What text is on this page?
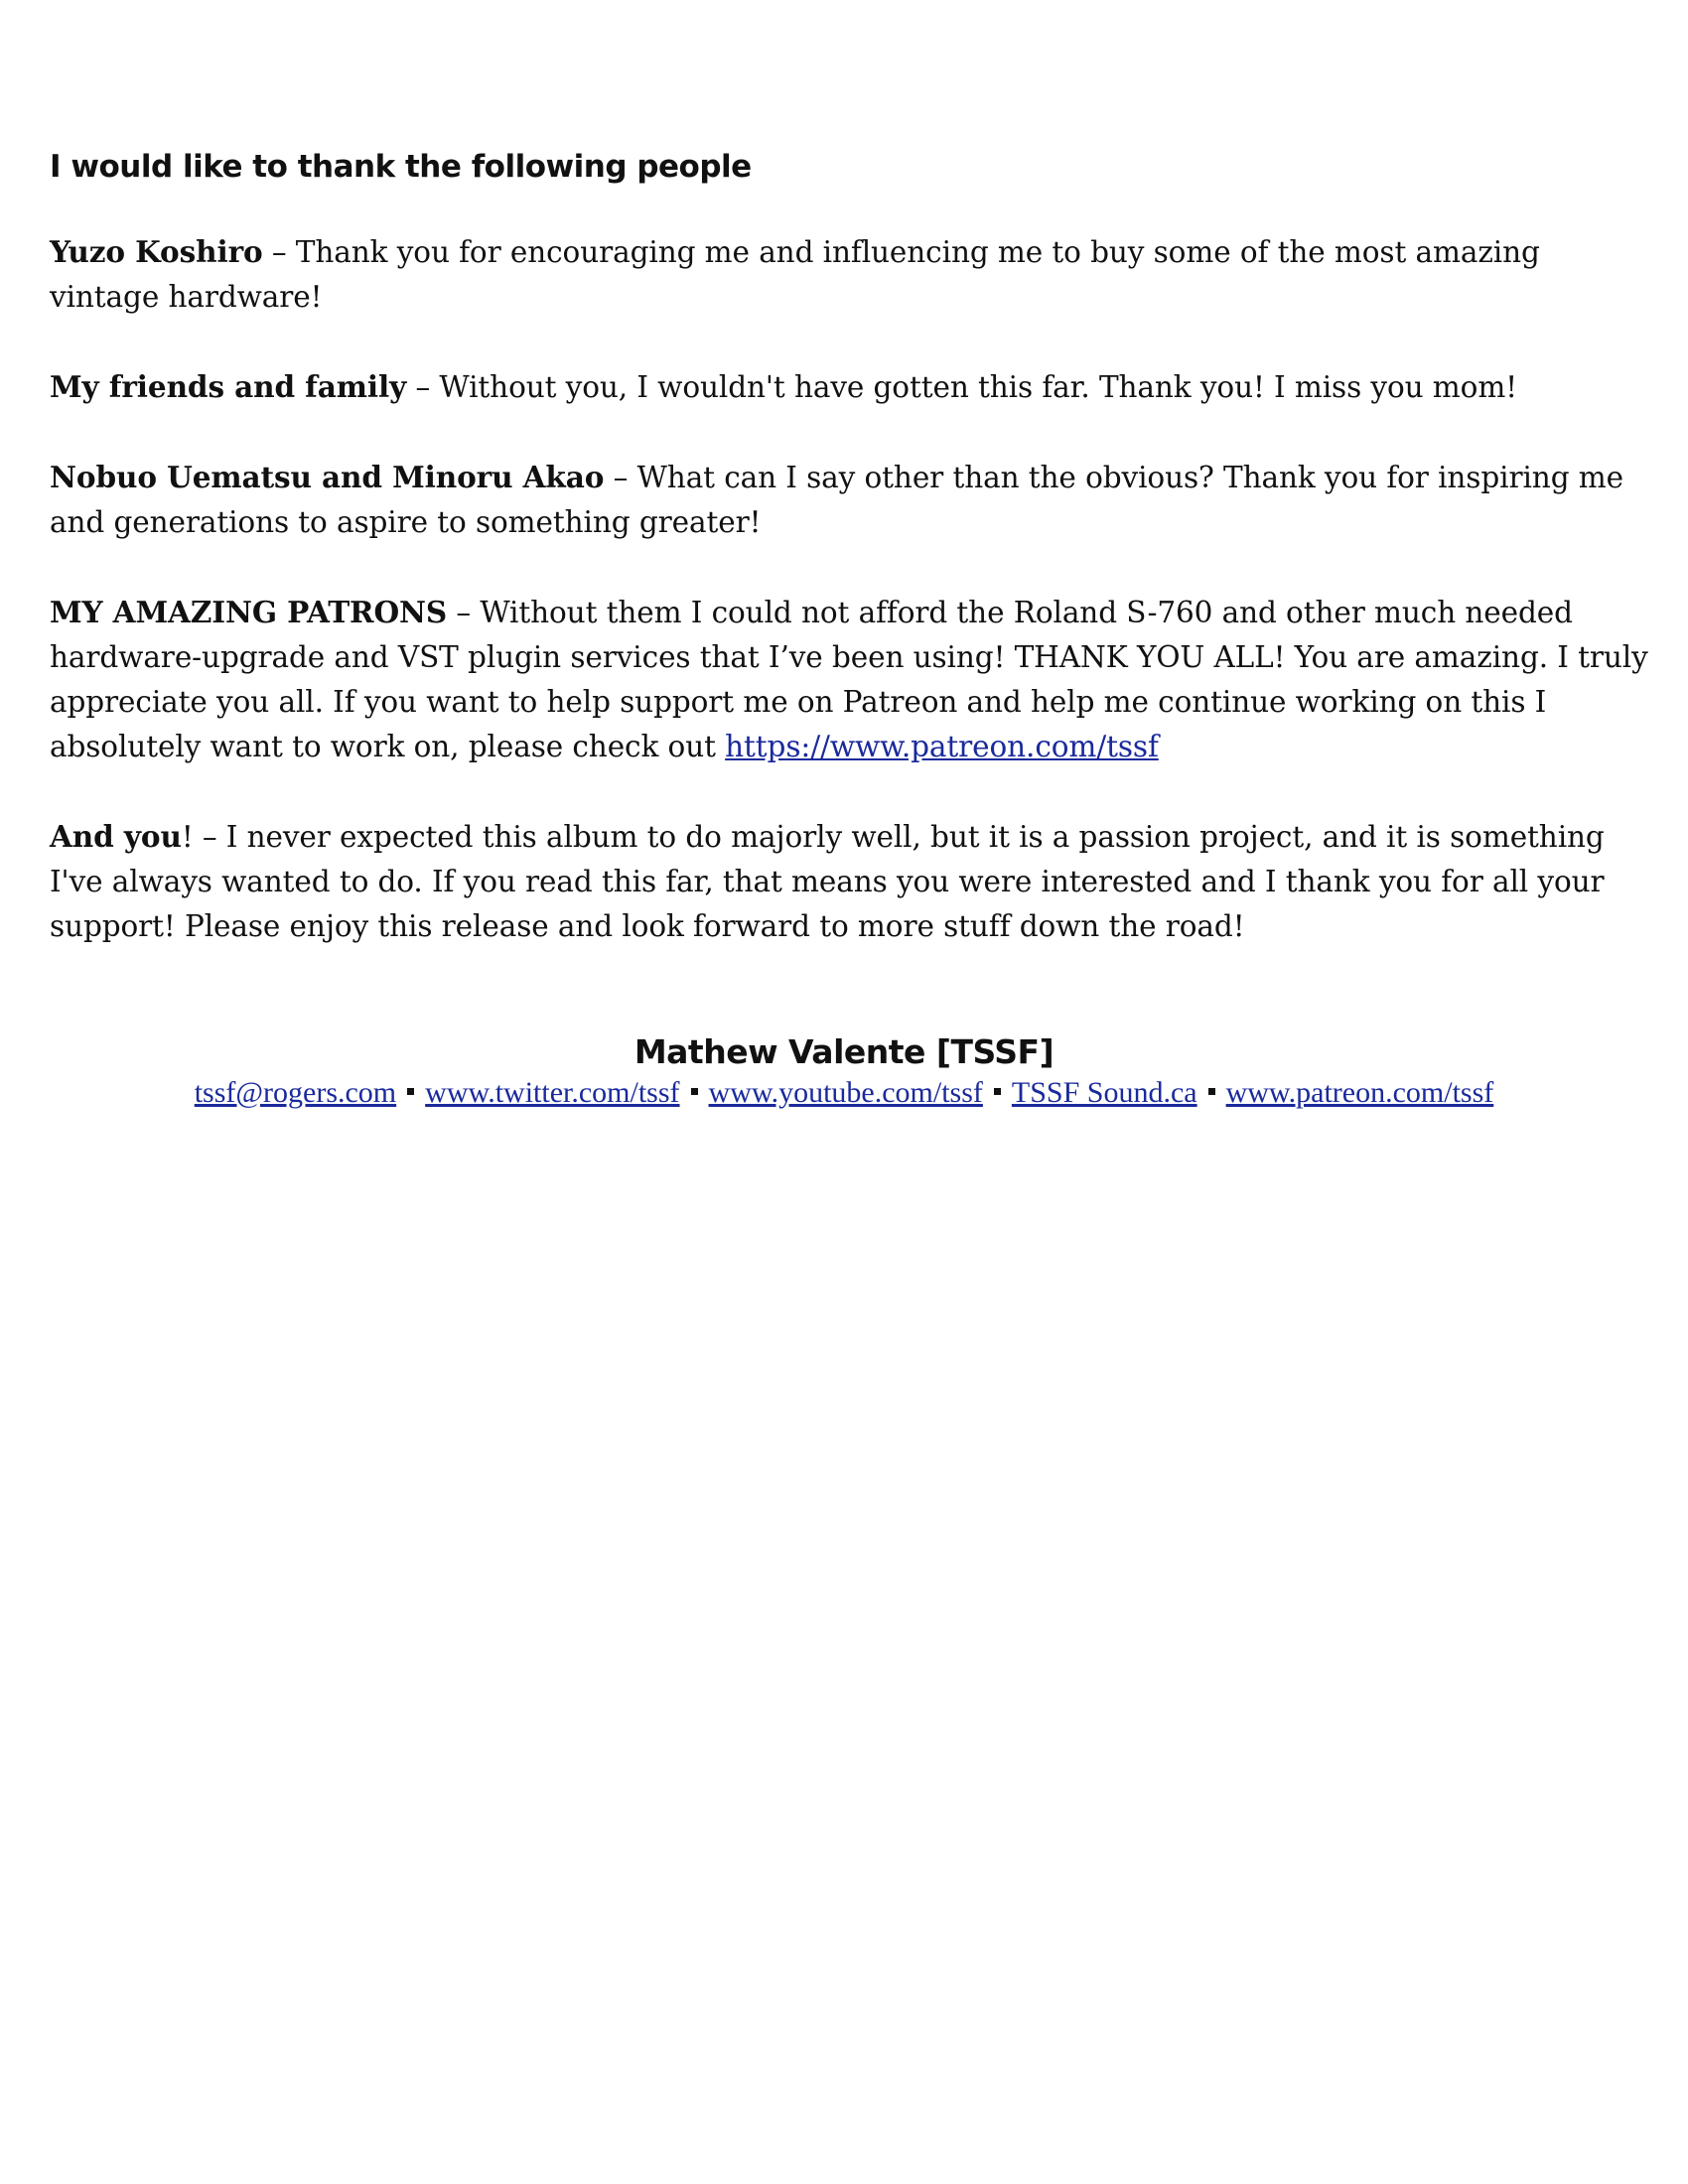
I would like to thank the following people

Yuzo Koshiro – Thank you for encouraging me and influencing me to buy some of the most amazing vintage hardware!

My friends and family – Without you, I wouldn't have gotten this far. Thank you! I miss you mom!

Nobuo Uematsu and Minoru Akao – What can I say other than the obvious? Thank you for inspiring me and generations to aspire to something greater!

MY AMAZING PATRONS – Without them I could not afford the Roland S-760 and other much needed hardware-upgrade and VST plugin services that I’ve been using! THANK YOU ALL! You are amazing. I truly appreciate you all. If you want to help support me on Patreon and help me continue working on this I absolutely want to work on, please check out https://www.patreon.com/tssf

And you! – I never expected this album to do majorly well, but it is a passion project, and it is something I've always wanted to do. If you read this far, that means you were interested and I thank you for all your support! Please enjoy this release and look forward to more stuff down the road!

Mathew Valente [TSSF]
tssf@rogers.com www.twitter.com/tssf www.youtube.com/tssf TSSF Sound.ca www.patreon.com/tssf
